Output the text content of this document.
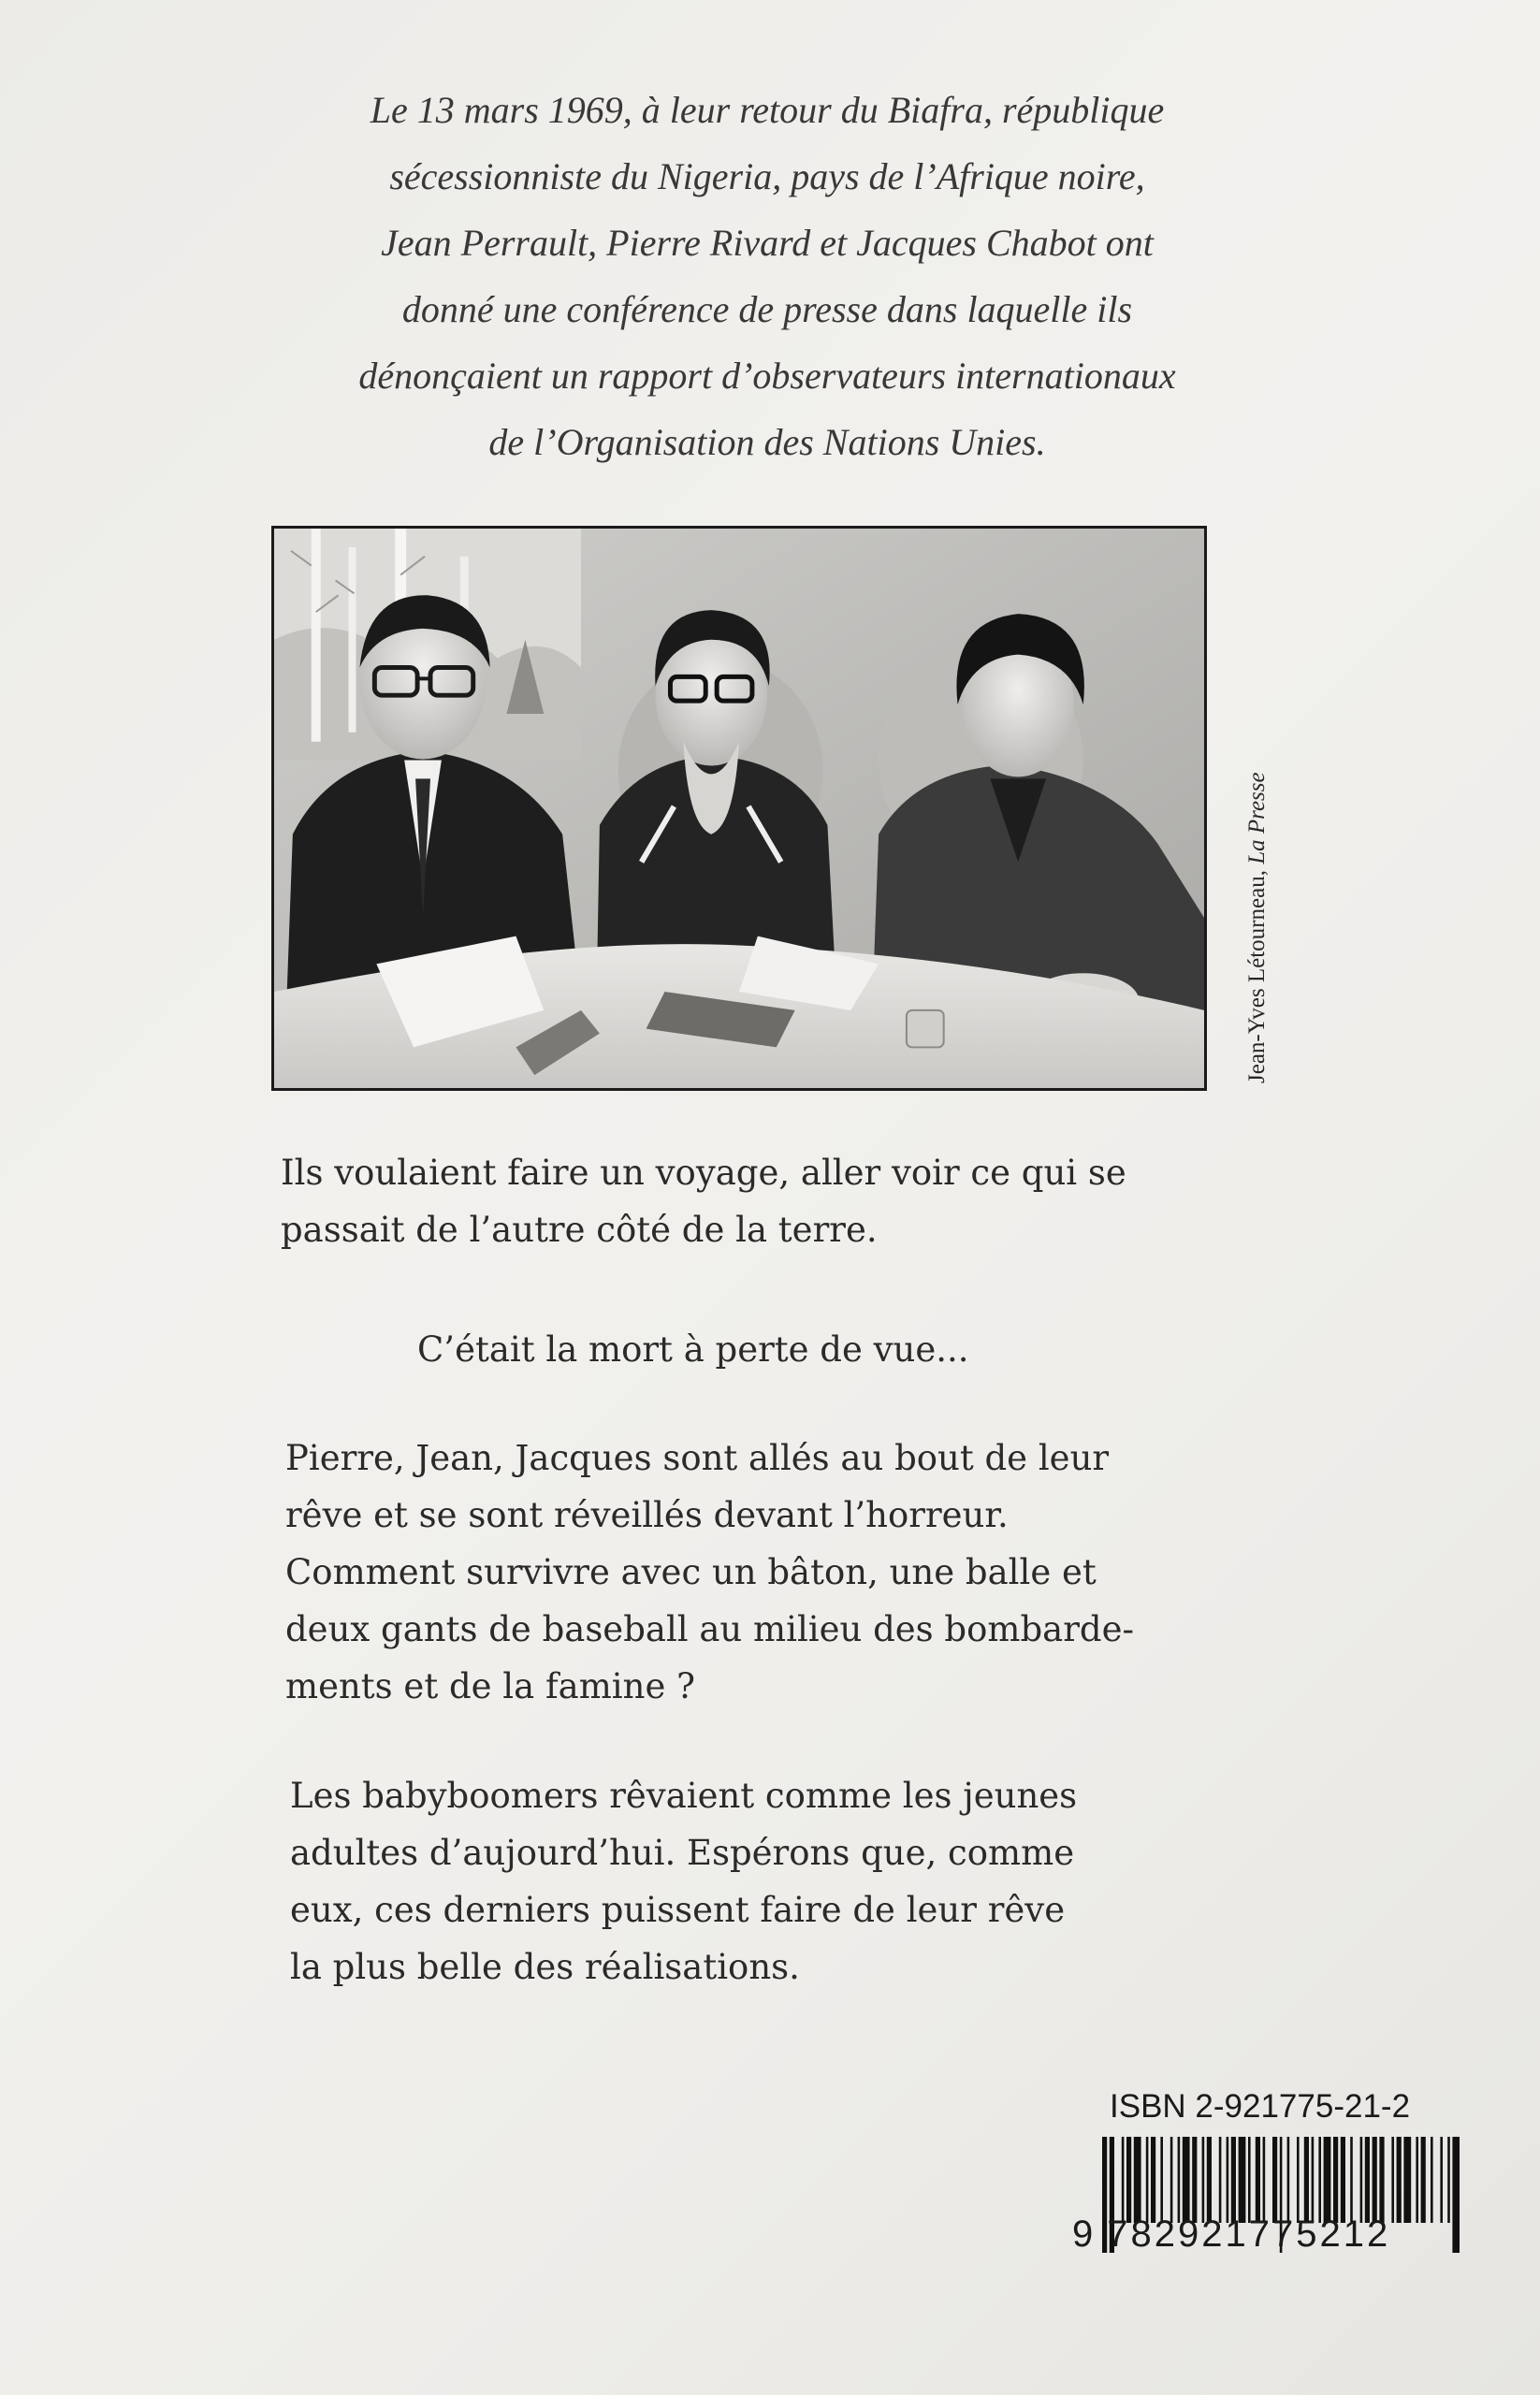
Le 13 mars 1969, à leur retour du Biafra, république
sécessionniste du Nigeria, pays de l’Afrique noire,
Jean Perrault, Pierre Rivard et Jacques Chabot ont
donné une conférence de presse dans laquelle ils
dénonçaient un rapport d’observateurs internationaux
de l’Organisation des Nations Unies.
Jean-Yves Létourneau, La Presse
Ils voulaient faire un voyage, aller voir ce qui se
passait de l’autre côté de la terre.
C’était la mort à perte de vue...
Pierre, Jean, Jacques sont allés au bout de leur
rêve et se sont réveillés devant l’horreur.
Comment survivre avec un bâton, une balle et
deux gants de baseball au milieu des bombarde-
ments et de la famine ?
Les babyboomers rêvaient comme les jeunes
adultes d’aujourd’hui. Espérons que, comme
eux, ces derniers puissent faire de leur rêve
la plus belle des réalisations.
ISBN 2-921775-21-2
9 782921775212
